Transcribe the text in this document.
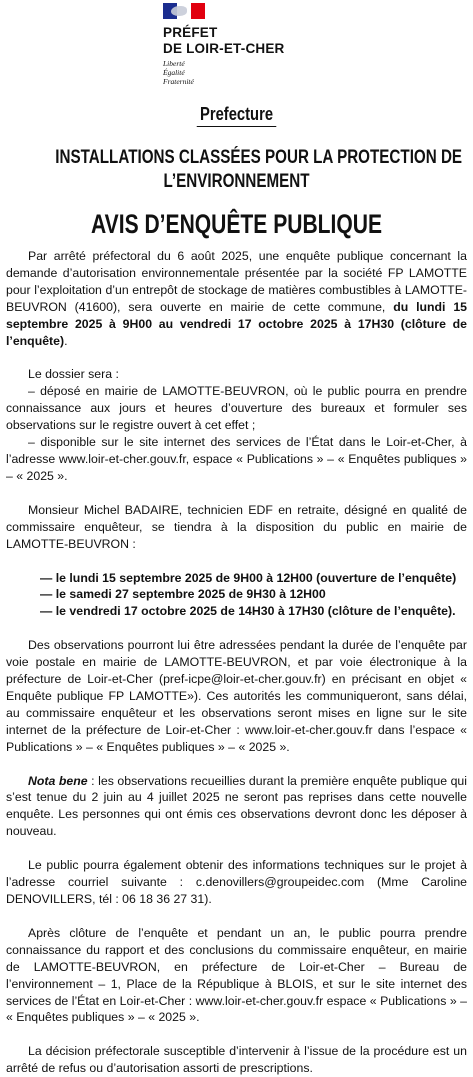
PRÉFET
DE LOIR-ET-CHER
Liberté
Égalité
Fraternité
Prefecture
INSTALLATIONS CLASSÉES POUR LA PROTECTION DE
L’ENVIRONNEMENT
AVIS D’ENQUÊTE PUBLIQUE

Par arrêté préfectoral du 6 août 2025, une enquête publique concernant la demande d’autorisation environnementale présentée par la société FP LAMOTTE pour l’exploitation d’un entrepôt de stockage de matières combustibles à LAMOTTE-BEUVRON (41600), sera ouverte en mairie de cette commune, du lundi 15 septembre 2025 à 9H00 au vendredi 17 octobre 2025 à 17H30 (clôture de l’enquête).

Le dossier sera :

– déposé en mairie de LAMOTTE-BEUVRON, où le public pourra en prendre connaissance aux jours et heures d’ouverture des bureaux et formuler ses observations sur le registre ouvert à cet effet ;

– disponible sur le site internet des services de l’État dans le Loir-et-Cher, à l’adresse www.loir-et-cher.gouv.fr, espace « Publications » – « Enquêtes publiques » – « 2025 ».

Monsieur Michel BADAIRE, technicien EDF en retraite, désigné en qualité de commissaire enquêteur, se tiendra à la disposition du public en mairie de LAMOTTE-BEUVRON :

— le lundi 15 septembre 2025 de 9H00 à 12H00 (ouverture de l’enquête)
— le samedi 27 septembre 2025 de 9H30 à 12H00
— le vendredi 17 octobre 2025 de 14H30 à 17H30 (clôture de l’enquête).

Des observations pourront lui être adressées pendant la durée de l’enquête par voie postale en mairie de LAMOTTE-BEUVRON, et par voie électronique à la préfecture de Loir-et-Cher (pref-icpe@loir-et-cher.gouv.fr) en précisant en objet « Enquête publique FP LAMOTTE»). Ces autorités les communiqueront, sans délai, au commissaire enquêteur et les observations seront mises en ligne sur le site internet de la préfecture de Loir-et-Cher : www.loir-et-cher.gouv.fr dans l’espace « Publications » – « Enquêtes publiques » – « 2025 ».

Nota bene : les observations recueillies durant la première enquête publique qui s’est tenue du 2 juin au 4 juillet 2025 ne seront pas reprises dans cette nouvelle enquête. Les personnes qui ont émis ces observations devront donc les déposer à nouveau.

Le public pourra également obtenir des informations techniques sur le projet à l’adresse courriel suivante : c.denovillers@groupeidec.com (Mme Caroline DENOVILLERS, tél : 06 18 36 27 31).

Après clôture de l’enquête et pendant un an, le public pourra prendre connaissance du rapport et des conclusions du commissaire enquêteur, en mairie de LAMOTTE-BEUVRON, en préfecture de Loir-et-Cher – Bureau de l’environnement – 1, Place de la République à BLOIS, et sur le site internet des services de l’État en Loir-et-Cher : www.loir-et-cher.gouv.fr espace « Publications » – « Enquêtes publiques » – « 2025 ».

La décision préfectorale susceptible d’intervenir à l’issue de la procédure est un arrêté de refus ou d’autorisation assorti de prescriptions.
